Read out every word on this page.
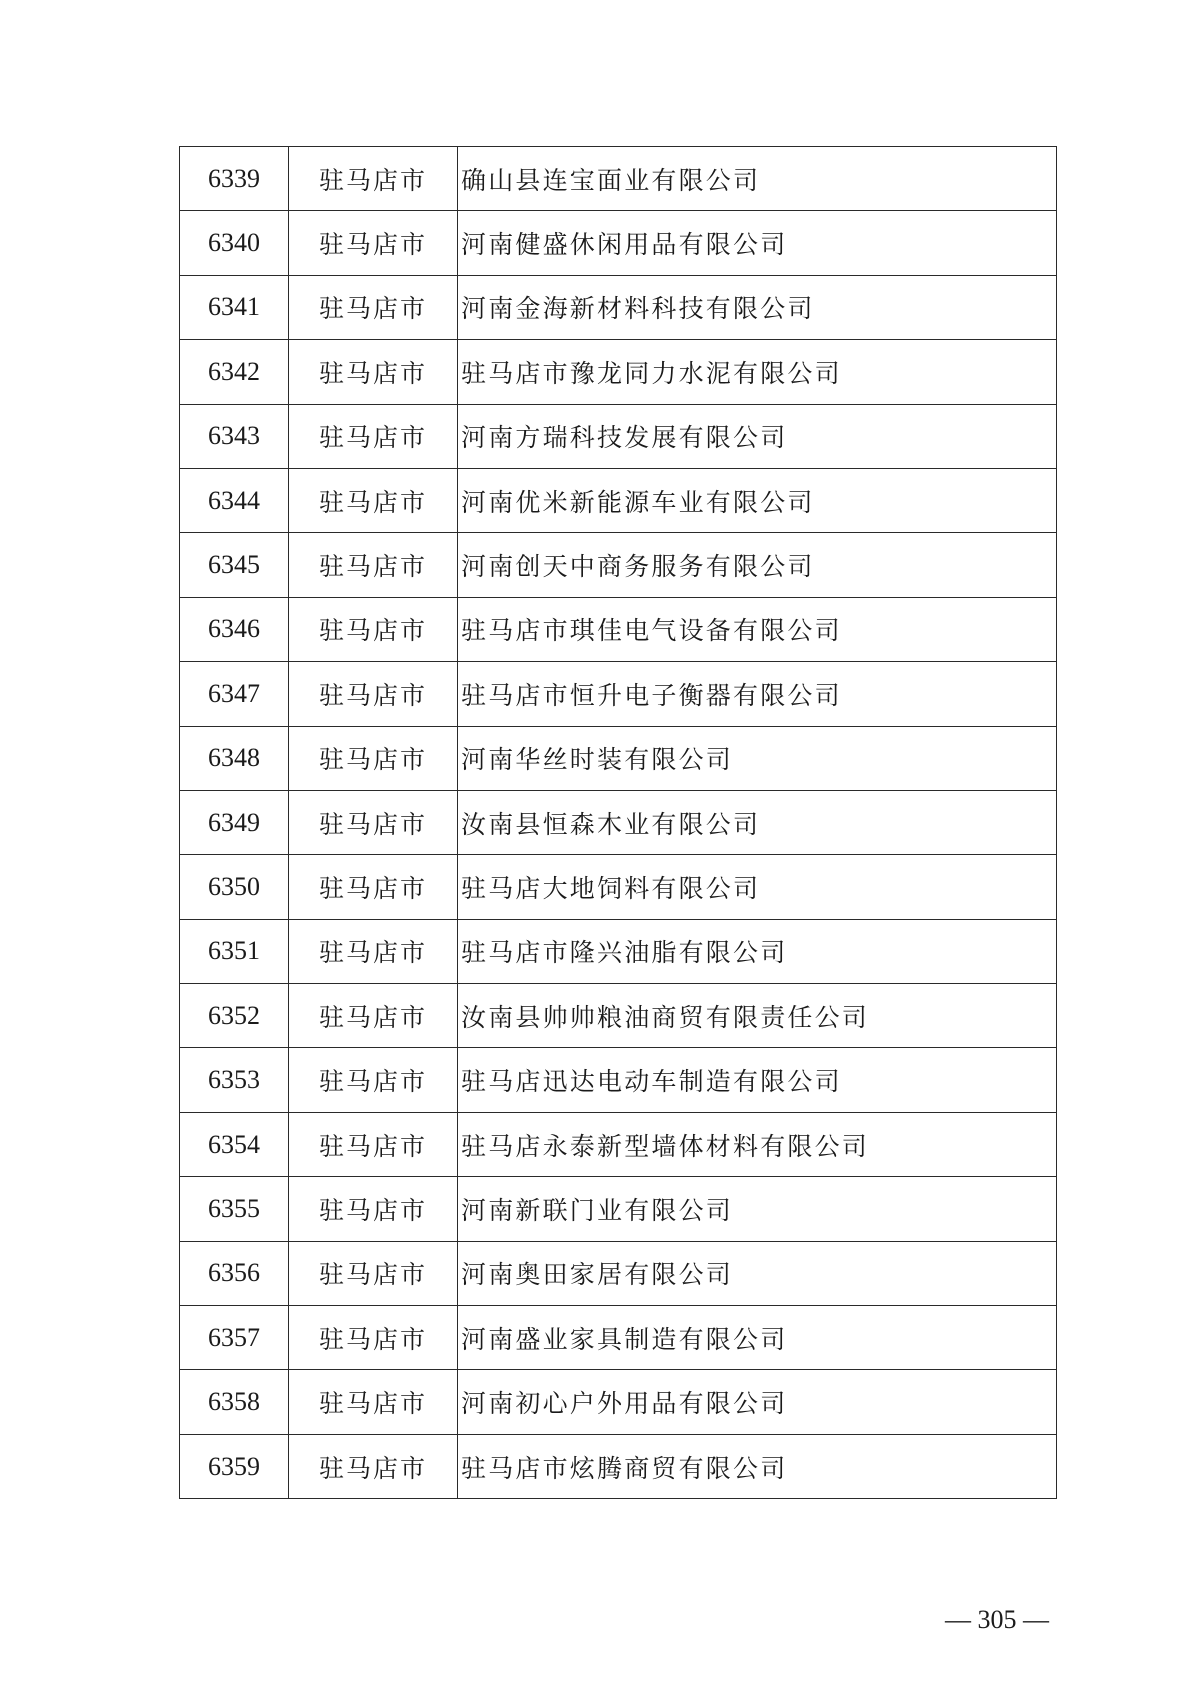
6339	驻马店市	确山县连宝面业有限公司
6340	驻马店市	河南健盛休闲用品有限公司
6341	驻马店市	河南金海新材料科技有限公司
6342	驻马店市	驻马店市豫龙同力水泥有限公司
6343	驻马店市	河南方瑞科技发展有限公司
6344	驻马店市	河南优米新能源车业有限公司
6345	驻马店市	河南创天中商务服务有限公司
6346	驻马店市	驻马店市琪佳电气设备有限公司
6347	驻马店市	驻马店市恒升电子衡器有限公司
6348	驻马店市	河南华丝时装有限公司
6349	驻马店市	汝南县恒森木业有限公司
6350	驻马店市	驻马店大地饲料有限公司
6351	驻马店市	驻马店市隆兴油脂有限公司
6352	驻马店市	汝南县帅帅粮油商贸有限责任公司
6353	驻马店市	驻马店迅达电动车制造有限公司
6354	驻马店市	驻马店永泰新型墙体材料有限公司
6355	驻马店市	河南新联门业有限公司
6356	驻马店市	河南奥田家居有限公司
6357	驻马店市	河南盛业家具制造有限公司
6358	驻马店市	河南初心户外用品有限公司
6359	驻马店市	驻马店市炫腾商贸有限公司
— 305 —
